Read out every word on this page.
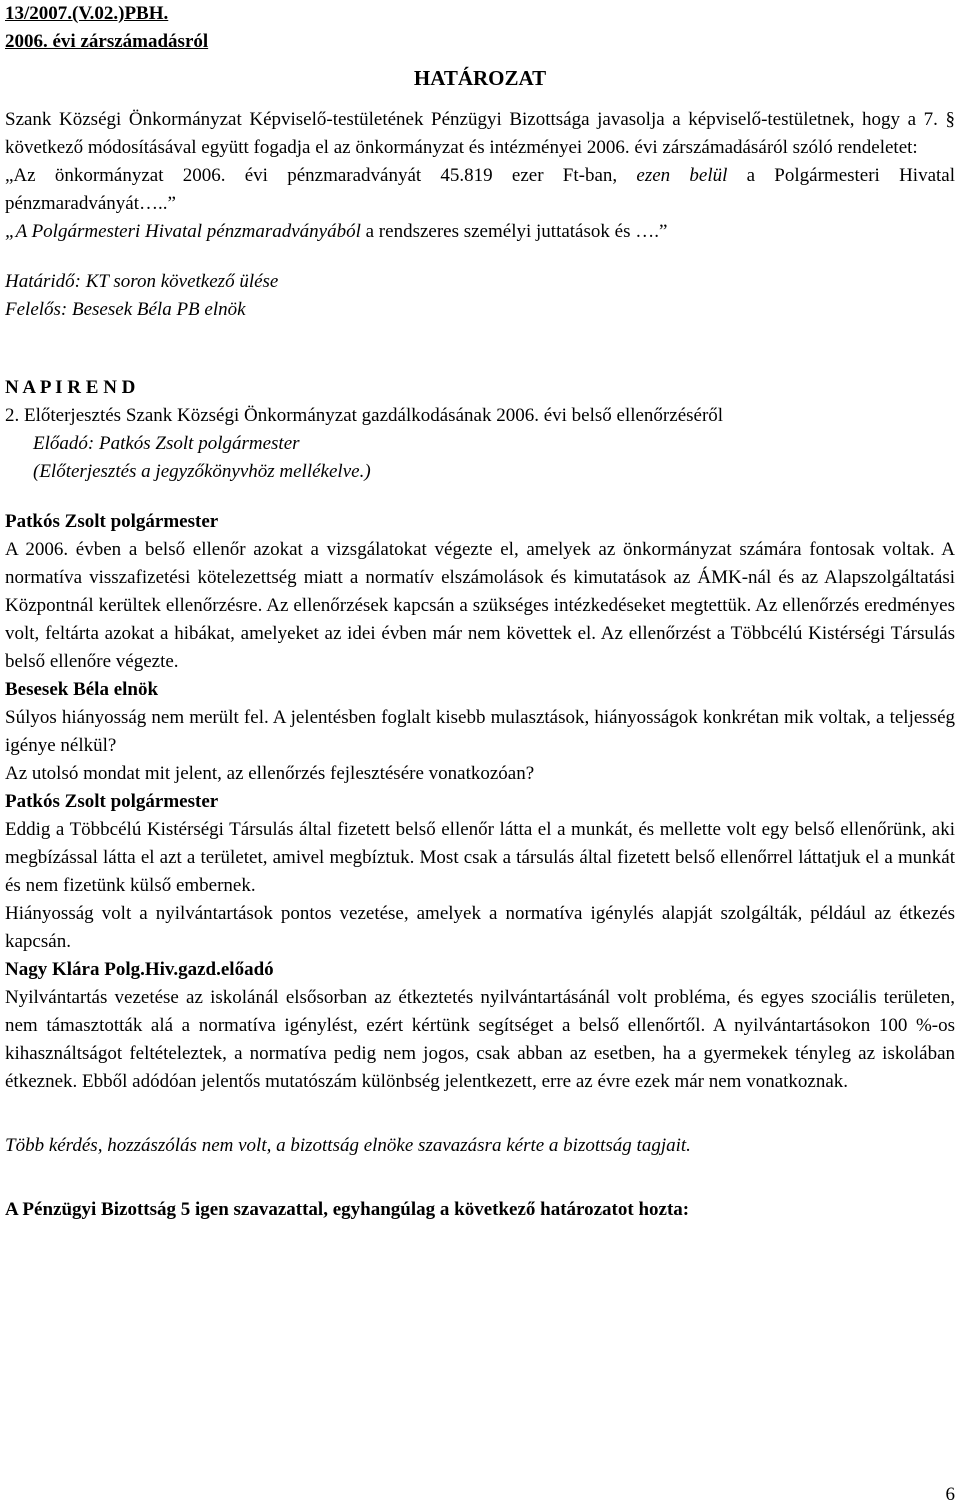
13/2007.(V.02.)PBH.

2006. évi zárszámadásról

HATÁROZAT

Szank Községi Önkormányzat Képviselő-testületének Pénzügyi Bizottsága javasolja a képviselő-testületnek, hogy a 7. § következő módosításával együtt fogadja el az önkormányzat és intézményei 2006. évi zárszámadásáról szóló rendeletet:

„Az önkormányzat 2006. évi pénzmaradványát 45.819 ezer Ft-ban, ezen belül a Polgármesteri Hivatal pénzmaradványát…..”

„A Polgármesteri Hivatal pénzmaradványából a rendszeres személyi juttatások és ….”

Határidő: KT soron következő ülése

Felelős: Besesek Béla PB elnök

N A P I R E N D

2. Előterjesztés Szank Községi Önkormányzat gazdálkodásának 2006. évi belső ellenőrzéséről

Előadó: Patkós Zsolt polgármester

(Előterjesztés a jegyzőkönyvhöz mellékelve.)

Patkós Zsolt polgármester

A 2006. évben a belső ellenőr azokat a vizsgálatokat végezte el, amelyek az önkormányzat számára fontosak voltak. A normatíva visszafizetési kötelezettség miatt a normatív elszámolások és kimutatások az ÁMK-nál és az Alapszolgáltatási Központnál kerültek ellenőrzésre. Az ellenőrzések kapcsán a szükséges intézkedéseket megtettük. Az ellenőrzés eredményes volt, feltárta azokat a hibákat, amelyeket az idei évben már nem követtek el. Az ellenőrzést a Többcélú Kistérségi Társulás belső ellenőre végezte.

Besesek Béla elnök

Súlyos hiányosság nem merült fel. A jelentésben foglalt kisebb mulasztások, hiányosságok konkrétan mik voltak, a teljesség igénye nélkül?

Az utolsó mondat mit jelent, az ellenőrzés fejlesztésére vonatkozóan?

Patkós Zsolt polgármester

Eddig a Többcélú Kistérségi Társulás által fizetett belső ellenőr látta el a munkát, és mellette volt egy belső ellenőrünk, aki megbízással látta el azt a területet, amivel megbíztuk. Most csak a társulás által fizetett belső ellenőrrel láttatjuk el a munkát és nem fizetünk külső embernek.

Hiányosság volt a nyilvántartások pontos vezetése, amelyek a normatíva igénylés alapját szolgálták, például az étkezés kapcsán.

Nagy Klára Polg.Hiv.gazd.előadó

Nyilvántartás vezetése az iskolánál elsősorban az étkeztetés nyilvántartásánál volt probléma, és egyes szociális területen, nem támasztották alá a normatíva igénylést, ezért kértünk segítséget a belső ellenőrtől. A nyilvántartásokon 100 %-os kihasználtságot feltételeztek, a normatíva pedig nem jogos, csak abban az esetben, ha a gyermekek tényleg az iskolában étkeznek. Ebből adódóan jelentős mutatószám különbség jelentkezett, erre az évre ezek már nem vonatkoznak.

Több kérdés, hozzászólás nem volt, a bizottság elnöke szavazásra kérte a bizottság tagjait.

A Pénzügyi Bizottság 5 igen szavazattal, egyhangúlag a következő határozatot hozta:

6
